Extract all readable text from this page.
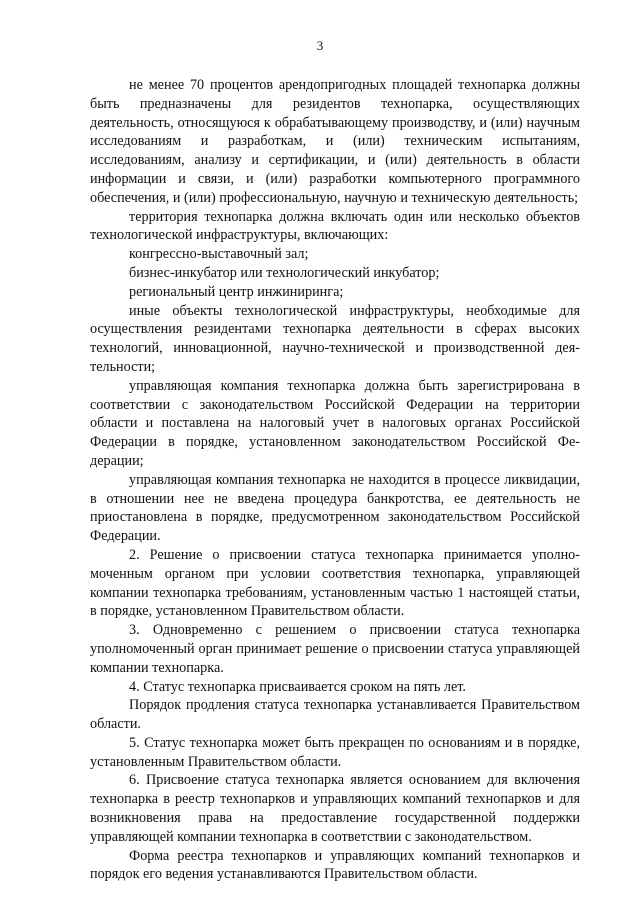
3

не менее 70 процентов арендопригодных площадей технопарка должны быть предназначены для резидентов технопарка, осуществляющих деятельность, относящуюся к обрабатывающему производству, и (или) научным исследованиям и разработкам, и (или) техническим испытаниям, исследованиям, анализу и сертификации, и (или) деятельность в области информации и связи, и (или) разработки компьютерного программного обеспечения, и (или) профессиональную, научную и техническую деятельность;

территория технопарка должна включать один или несколько объектов технологической инфраструктуры, включающих:

конгрессно-выставочный зал;

бизнес-инкубатор или технологический инкубатор;

региональный центр инжиниринга;

иные объекты технологической инфраструктуры, необходимые для осуществления резидентами технопарка деятельности в сферах высоких технологий, инновационной, научно-технической и производственной деятельности;

управляющая компания технопарка должна быть зарегистрирована в соответствии с законодательством Российской Федерации на территории области и поставлена на налоговый учет в налоговых органах Российской Федерации в порядке, установленном законодательством Российской Федерации;

управляющая компания технопарка не находится в процессе ликвидации, в отношении нее не введена процедура банкротства, ее деятельность не приостановлена в порядке, предусмотренном законодательством Российской Федерации.

2. Решение о присвоении статуса технопарка принимается уполномоченным органом при условии соответствия технопарка, управляющей компании технопарка требованиям, установленным частью 1 настоящей статьи, в порядке, установленном Правительством области.

3. Одновременно с решением о присвоении статуса технопарка уполномоченный орган принимает решение о присвоении статуса управляющей компании технопарка.

4. Статус технопарка присваивается сроком на пять лет.

Порядок продления статуса технопарка устанавливается Правительством области.

5. Статус технопарка может быть прекращен по основаниям и в порядке, установленным Правительством области.

6. Присвоение статуса технопарка является основанием для включения технопарка в реестр технопарков и управляющих компаний технопарков и для возникновения права на предоставление государственной поддержки управляющей компании технопарка в соответствии с законодательством.

Форма реестра технопарков и управляющих компаний технопарков и порядок его ведения устанавливаются Правительством области.
